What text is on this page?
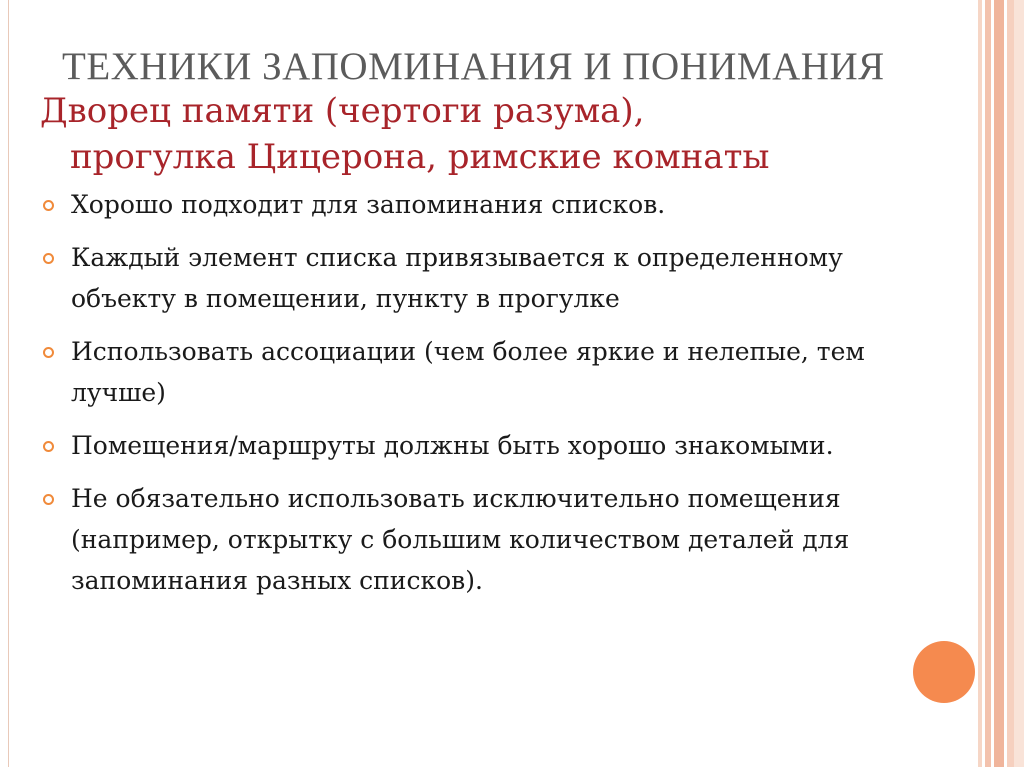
ТЕХНИКИ ЗАПОМИНАНИЯ И ПОНИМАНИЯ
Дворец памяти (чертоги разума),
прогулка Цицерона, римские комнаты
Хорошо подходит для запоминания списков.
Каждый элемент списка привязывается к определенному объекту в помещении, пункту в прогулке
Использовать ассоциации (чем более яркие и нелепые, тем лучше)
Помещения/маршруты должны быть хорошо знакомыми.
Не обязательно использовать исключительно помещения (например, открытку с большим количеством деталей для запоминания разных списков).
